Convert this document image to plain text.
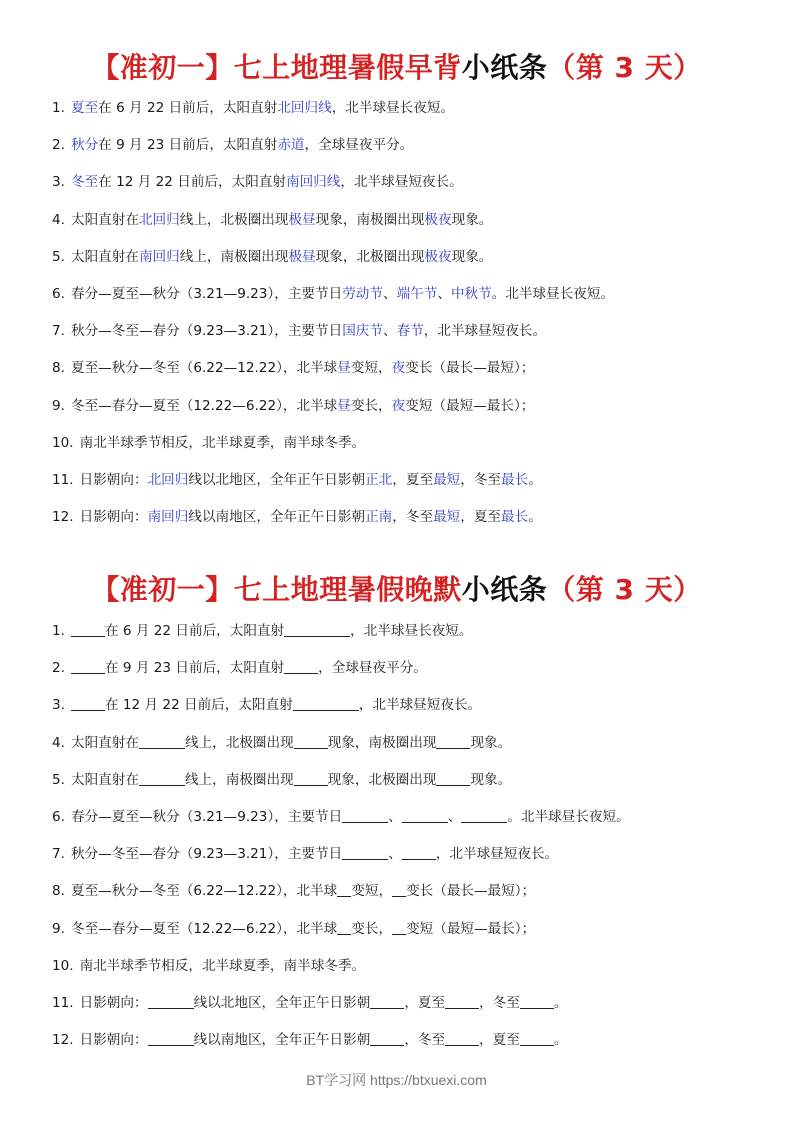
【准初一】七上地理暑假早背小纸条（第 3 天）
1. 夏至在 6 月 22 日前后，太阳直射北回归线，北半球昼长夜短。
2. 秋分在 9 月 23 日前后，太阳直射赤道，全球昼夜平分。
3. 冬至在 12 月 22 日前后，太阳直射南回归线，北半球昼短夜长。
4. 太阳直射在北回归线上，北极圈出现极昼现象，南极圈出现极夜现象。
5. 太阳直射在南回归线上，南极圈出现极昼现象，北极圈出现极夜现象。
6. 春分—夏至—秋分（3.21—9.23），主要节日劳动节、端午节、中秋节。北半球昼长夜短。
7. 秋分—冬至—春分（9.23—3.21），主要节日国庆节、春节，北半球昼短夜长。
8. 夏至—秋分—冬至（6.22—12.22），北半球昼变短，夜变长（最长—最短）；
9. 冬至—春分—夏至（12.22—6.22），北半球昼变长，夜变短（最短—最长）；
10. 南北半球季节相反，北半球夏季，南半球冬季。
11. 日影朝向：北回归线以北地区，全年正午日影朝正北，夏至最短，冬至最长。
12. 日影朝向：南回归线以南地区，全年正午日影朝正南，冬至最短，夏至最长。
【准初一】七上地理暑假晚默小纸条（第 3 天）
1.	在 6 月 22 日前后，太阳直射	，北半球昼长夜短。
2.	在 9 月 23 日前后，太阳直射	，全球昼夜平分。
3.	在 12 月 22 日前后，太阳直射	，北半球昼短夜长。
4. 太阳直射在	线上，北极圈出现	现象，南极圈出现	现象。
5. 太阳直射在	线上，南极圈出现	现象，北极圈出现	现象。
6. 春分—夏至—秋分（3.21—9.23），主要节日	、	、	。北半球昼长夜短。
7. 秋分—冬至—春分（9.23—3.21），主要节日	、	，北半球昼短夜长。
8. 夏至—秋分—冬至（6.22—12.22），北半球 变短， 变长（最长—最短）；
9. 冬至—春分—夏至（12.22—6.22），北半球 变长， 变短（最短—最长）；
10. 南北半球季节相反，北半球夏季，南半球冬季。
11. 日影朝向：	线以北地区，全年正午日影朝	，夏至	，冬至	。
12. 日影朝向：	线以南地区，全年正午日影朝	，冬至	，夏至	。
BT学习网 https://btxuexi.com
